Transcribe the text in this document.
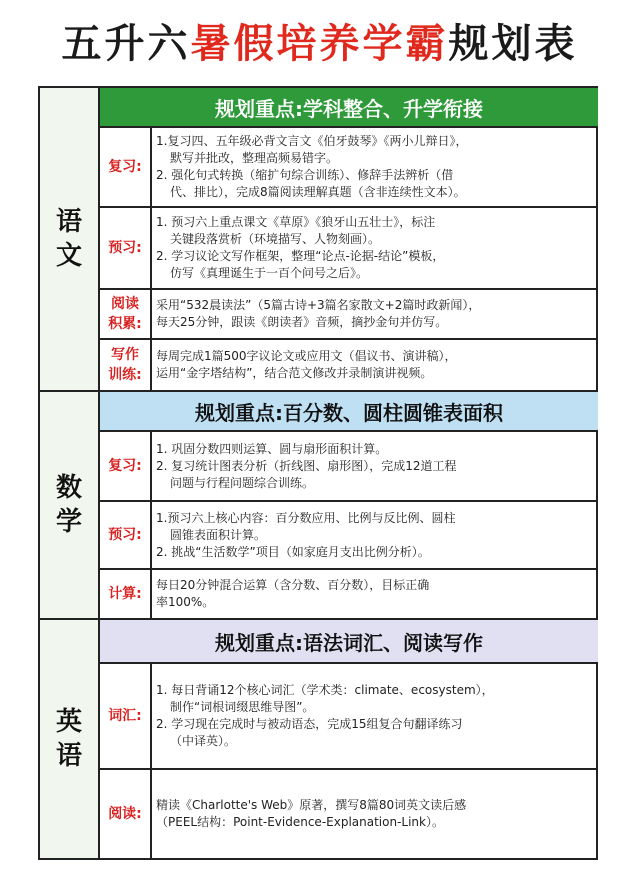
五升六暑假培养学霸规划表
语
文
规划重点:学科整合、升学衔接
复习:

1.复习四、五年级必背文言文《伯牙鼓琴》《两小儿辩日》，

默写并批改，整理高频易错字。

2. 强化句式转换（缩扩句综合训练）、修辞手法辨析（借

代、排比），完成8篇阅读理解真题（含非连续性文本）。

预习:

1. 预习六上重点课文《草原》《狼牙山五壮士》，标注

关键段落赏析（环境描写、人物刻画）。

2. 学习议论文写作框架，整理“论点-论据-结论”模板，

仿写《真理诞生于一百个问号之后》。

阅读
积累:

采用“532晨读法”（5篇古诗+3篇名家散文+2篇时政新闻），

每天25分钟，跟读《朗读者》音频，摘抄金句并仿写。

写作
训练:

每周完成1篇500字议论文或应用文（倡议书、演讲稿），

运用“金字塔结构”，结合范文修改并录制演讲视频。

数
学
规划重点:百分数、圆柱圆锥表面积
复习:

1. 巩固分数四则运算、圆与扇形面积计算。

2. 复习统计图表分析（折线图、扇形图），完成12道工程

问题与行程问题综合训练。

预习:

1.预习六上核心内容：百分数应用、比例与反比例、圆柱

圆锥表面积计算。

2. 挑战“生活数学”项目（如家庭月支出比例分析）。

计算:

每日20分钟混合运算（含分数、百分数），目标正确

率100%。

英
语
规划重点:语法词汇、阅读写作
词汇:

1. 每日背诵12个核心词汇（学术类：climate、ecosystem），

制作“词根词缀思维导图”。

2. 学习现在完成时与被动语态，完成15组复合句翻译练习

（中译英）。

阅读:

精读《Charlotte's Web》原著，撰写8篇80词英文读后感

（PEEL结构：Point-Evidence-Explanation-Link）。
